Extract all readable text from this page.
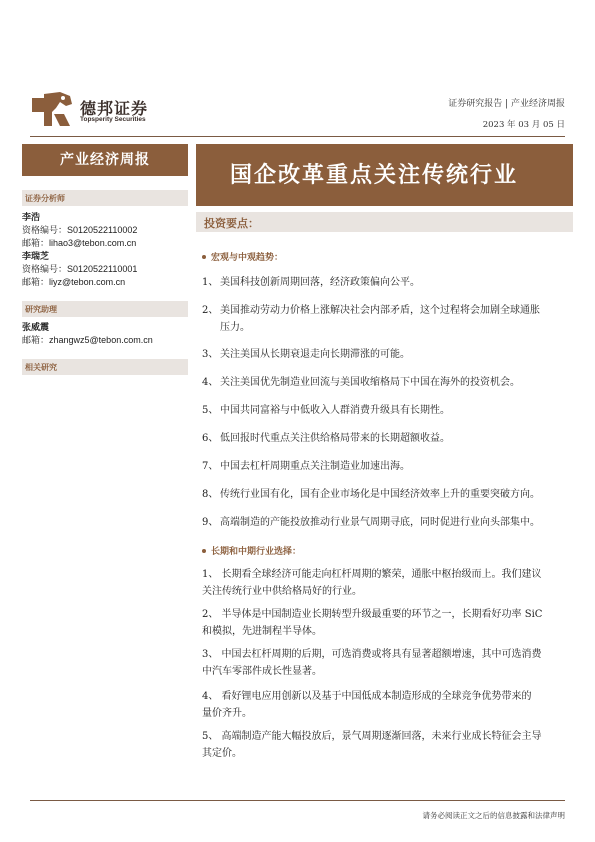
德邦证券
Topsperity Securities
证券研究报告 | 产业经济周报
2023 年 03 月 05 日
产业经济周报
国企改革重点关注传统行业
证券分析师
李浩
资格编号：S0120522110002
邮箱：lihao3@tebon.com.cn
李瑞芝
资格编号：S0120522110001
邮箱：liyz@tebon.com.cn
研究助理
张威震
邮箱：zhangwz5@tebon.com.cn
相关研究
投资要点：
宏观与中观趋势：
1、 美国科技创新周期回落，经济政策偏向公平。
2、 美国推动劳动力价格上涨解决社会内部矛盾，这个过程将会加剧全球通胀
压力。
3、 关注美国从长期衰退走向长期滞涨的可能。
4、 关注美国优先制造业回流与美国收缩格局下中国在海外的投资机会。
5、 中国共同富裕与中低收入人群消费升级具有长期性。
6、 低回报时代重点关注供给格局带来的长期超额收益。
7、 中国去杠杆周期重点关注制造业加速出海。
8、 传统行业国有化，国有企业市场化是中国经济效率上升的重要突破方向。
9、 高端制造的产能投放推动行业景气周期寻底，同时促进行业向头部集中。
长期和中期行业选择：
1、 长期看全球经济可能走向杠杆周期的繁荣，通胀中枢抬级而上。我们建议
关注传统行业中供给格局好的行业。
2、 半导体是中国制造业长期转型升级最重要的环节之一，长期看好功率 SiC
和模拟，先进制程半导体。
3、 中国去杠杆周期的后期，可选消费或将具有显著超额增速，其中可选消费
中汽车零部件成长性显著。
4、 看好锂电应用创新以及基于中国低成本制造形成的全球竞争优势带来的
量价齐升。
5、 高端制造产能大幅投放后，景气周期逐渐回落，未来行业成长特征会主导
其定价。
请务必阅读正文之后的信息披露和法律声明
